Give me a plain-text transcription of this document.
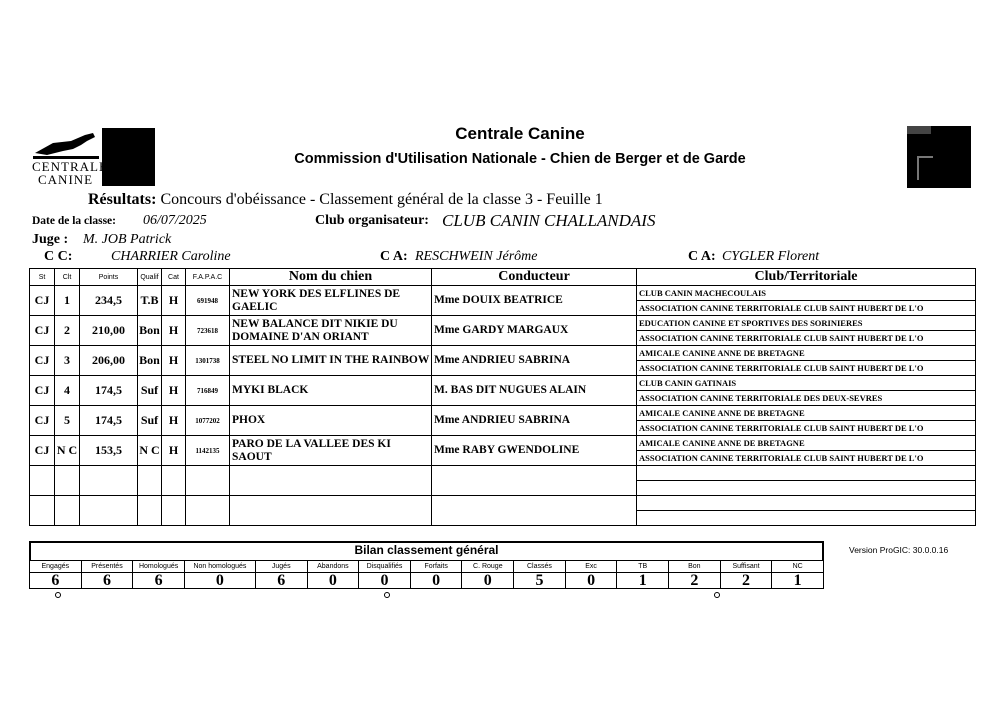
CENTRALE
CANINE
Centrale Canine
Commission d'Utilisation Nationale - Chien de Berger et de Garde
Résultats: Concours d'obéissance - Classement général de la classe 3 - Feuille 1
Date de la classe: 06/07/2025	Club organisateur: CLUB CANIN CHALLANDAIS
Juge : M. JOB Patrick
C C:	CHARRIER Caroline	C A: RESCHWEIN Jérôme	C A: CYGLER Florent
St	Clt	Points	Qualif	Cat	F.A.P.A.C	Nom du chien	Conducteur	Club/Territoriale
CJ	1	234,5	T.B	H	691948	NEW YORK DES ELFLINES DE GAELIC	Mme DOUIX BEATRICE	CLUB CANIN MACHECOULAIS
ASSOCIATION CANINE TERRITORIALE CLUB SAINT HUBERT DE L'O

CJ	2	210,00	Bon	H	723618	NEW BALANCE DIT NIKIE DU DOMAINE D'AN ORIANT	Mme GARDY MARGAUX	EDUCATION CANINE ET SPORTIVES DES SORINIERES
ASSOCIATION CANINE TERRITORIALE CLUB SAINT HUBERT DE L'O

CJ	3	206,00	Bon	H	1301738	STEEL NO LIMIT IN THE RAINBOW	Mme ANDRIEU SABRINA	AMICALE CANINE ANNE DE BRETAGNE
ASSOCIATION CANINE TERRITORIALE CLUB SAINT HUBERT DE L'O

CJ	4	174,5	Suf	H	716849	MYKI BLACK	M. BAS DIT NUGUES ALAIN	CLUB CANIN GATINAIS
ASSOCIATION CANINE TERRITORIALE DES DEUX-SEVRES

CJ	5	174,5	Suf	H	1077202	PHOX	Mme ANDRIEU SABRINA	AMICALE CANINE ANNE DE BRETAGNE
ASSOCIATION CANINE TERRITORIALE CLUB SAINT HUBERT DE L'O

CJ	N C	153,5	N C	H	1142135	PARO DE LA VALLEE DES KI SAOUT	Mme RABY GWENDOLINE	AMICALE CANINE ANNE DE BRETAGNE
ASSOCIATION CANINE TERRITORIALE CLUB SAINT HUBERT DE L'O

Bilan classement général
Engagés	Présentés	Homologués	Non homologués	Jugés	Abandons	Disqualifiés	Forfaits	C. Rouge	Classés	Exc	TB	Bon	Suffisant	NC
6	6	6	0	6	0	0	0	0	5	0	1	2	2	1
Version ProGIC: 30.0.0.16
